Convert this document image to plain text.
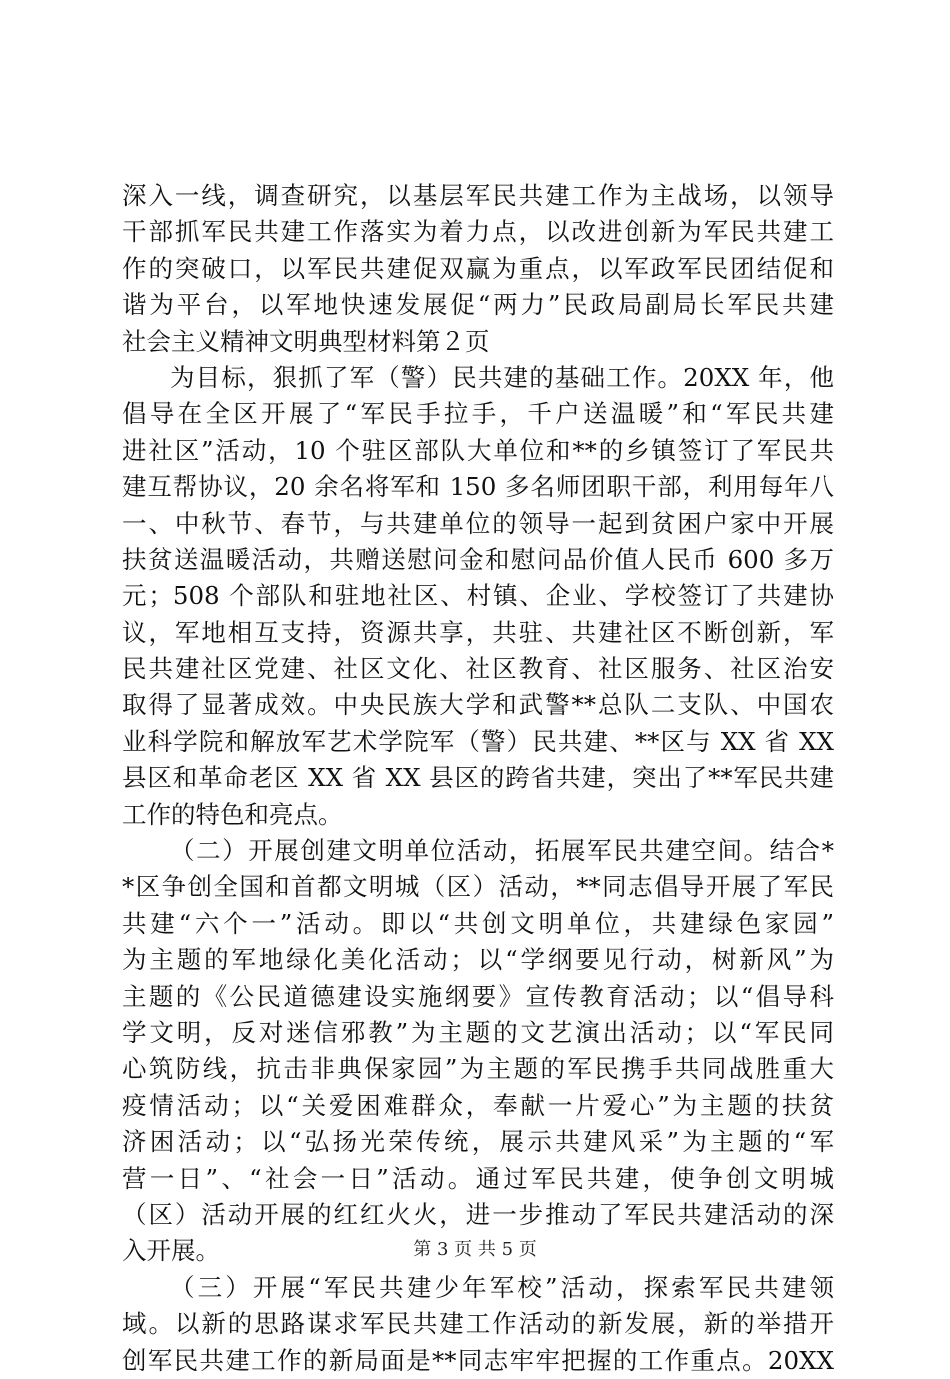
深入一线，调查研究，以基层军民共建工作为主战场，以领导
干部抓军民共建工作落实为着力点，以改进创新为军民共建工
作的突破口，以军民共建促双赢为重点，以军政军民团结促和
谐为平台，以军地快速发展促“两力”民政局副局长军民共建
社会主义精神文明典型材料第２页
为目标，狠抓了军（警）民共建的基础工作。20XX 年，他
倡导在全区开展了“军民手拉手，千户送温暖”和“军民共建
进社区”活动，10 个驻区部队大单位和**的乡镇签订了军民共
建互帮协议，20 余名将军和 150 多名师团职干部，利用每年八
一、中秋节、春节，与共建单位的领导一起到贫困户家中开展
扶贫送温暖活动，共赠送慰问金和慰问品价值人民币 600 多万
元；508 个部队和驻地社区、村镇、企业、学校签订了共建协
议，军地相互支持，资源共享，共驻、共建社区不断创新，军
民共建社区党建、社区文化、社区教育、社区服务、社区治安
取得了显著成效。中央民族大学和武警**总队二支队、中国农
业科学院和解放军艺术学院军（警）民共建、**区与 XX 省 XX
县区和革命老区 XX 省 XX 县区的跨省共建，突出了**军民共建
工作的特色和亮点。
（二）开展创建文明单位活动，拓展军民共建空间。结合*
*区争创全国和首都文明城（区）活动，**同志倡导开展了军民
共建“六个一”活动。即以“共创文明单位，共建绿色家园”
为主题的军地绿化美化活动；以“学纲要见行动，树新风”为
主题的《公民道德建设实施纲要》宣传教育活动；以“倡导科
学文明，反对迷信邪教”为主题的文艺演出活动；以“军民同
心筑防线，抗击非典保家园”为主题的军民携手共同战胜重大
疫情活动；以“关爱困难群众，奉献一片爱心”为主题的扶贫
济困活动；以“弘扬光荣传统，展示共建风采”为主题的“军
营一日”、“社会一日”活动。通过军民共建，使争创文明城
（区）活动开展的红红火火，进一步推动了军民共建活动的深
入开展。
（三）开展“军民共建少年军校”活动，探索军民共建领
域。以新的思路谋求军民共建工作活动的新发展，新的举措开
创军民共建工作的新局面是**同志牢牢把握的工作重点。20XX
第 3 页 共 5 页
